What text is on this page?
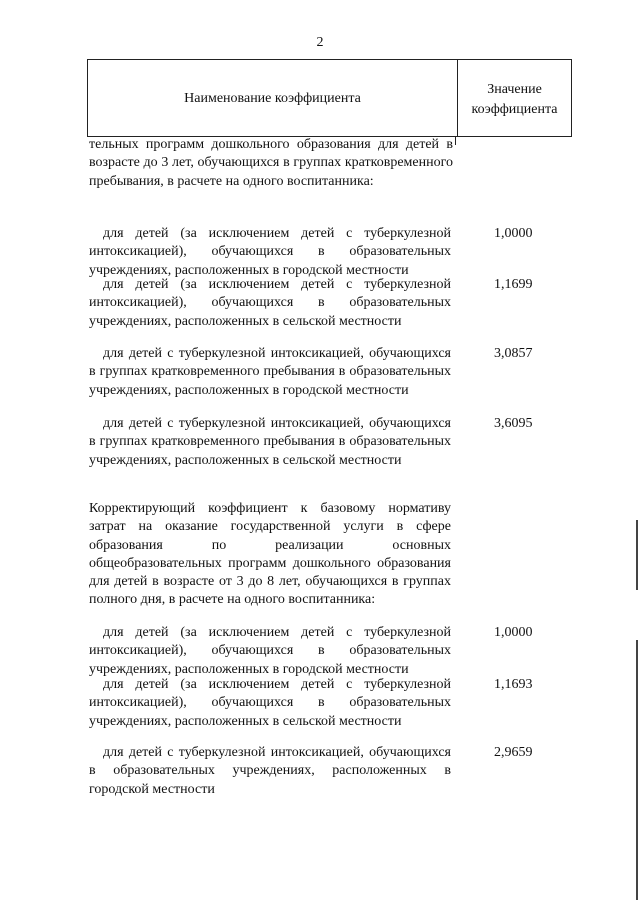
2
Наименование коэффициента
Значение
коэффициента
тельных программ дошкольного образования для детей в возрасте до 3 лет, обучающихся в группах кратковременного пребывания, в расчете на одного воспитанника:
для детей (за исключением детей с туберкулезной интоксикацией), обучающихся в образовательных учреждениях, расположенных в городской местности
1,0000
для детей (за исключением детей с туберкулезной интоксикацией), обучающихся в образовательных учреждениях, расположенных в сельской местности
1,1699
для детей с туберкулезной интоксикацией, обучающихся в группах кратковременного пребывания в образовательных учреждениях, расположенных в городской местности
3,0857
для детей с туберкулезной интоксикацией, обучающихся в группах кратковременного пребывания в образовательных учреждениях, расположенных в сельской местности
3,6095
Корректирующий коэффициент к базовому нормативу затрат на оказание государственной услуги в сфере образования по реализации основных общеобразовательных программ дошкольного образования для детей в возрасте от 3 до 8 лет, обучающихся в группах полного дня, в расчете на одного воспитанника:
для детей (за исключением детей с туберкулезной интоксикацией), обучающихся в образовательных учреждениях, расположенных в городской местности
1,0000
для детей (за исключением детей с туберкулезной интоксикацией), обучающихся в образовательных учреждениях, расположенных в сельской местности
1,1693
для детей с туберкулезной интоксикацией, обучающихся в образовательных учреждениях, расположенных в городской местности
2,9659
